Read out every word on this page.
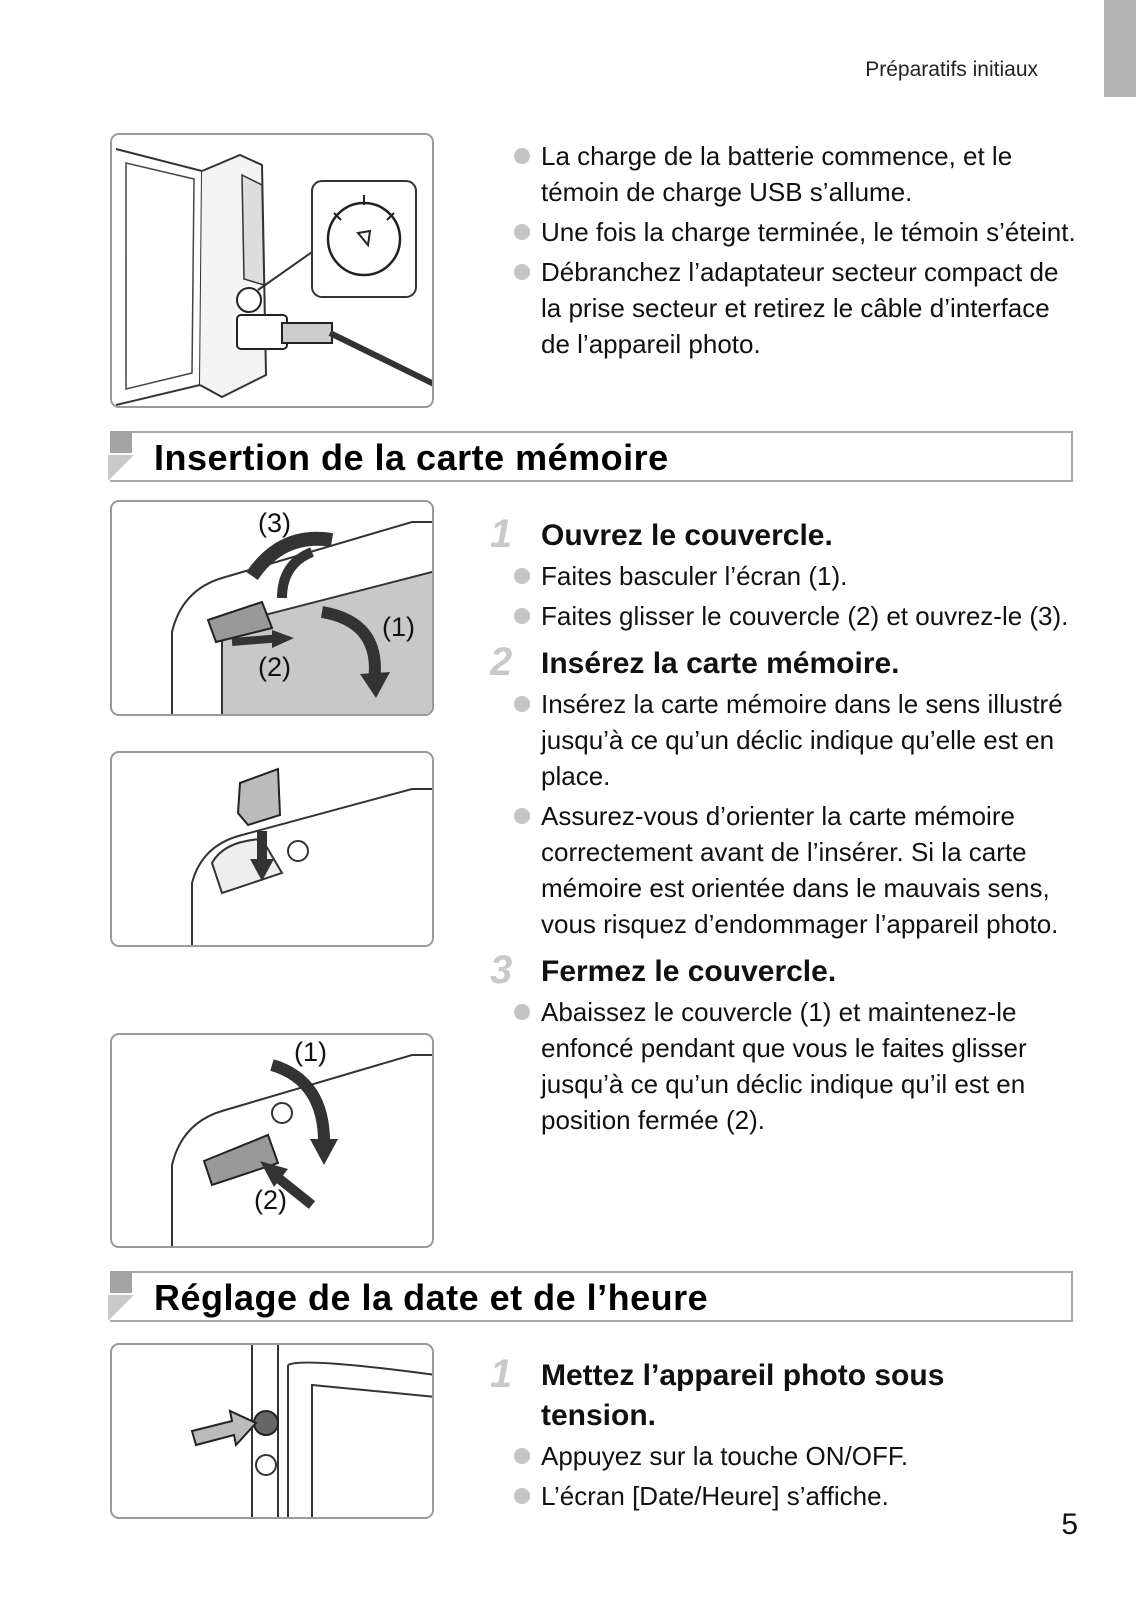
Préparatifs initiaux
La charge de la batterie commence, et le témoin de charge USB s’allume.
Une fois la charge terminée, le témoin s’éteint.
Débranchez l’adaptateur secteur compact de la prise secteur et retirez le câble d’interface de l’appareil photo.
Insertion de la carte mémoire
(3)
(1)
(2)
(1)
(2)
1 Ouvrez le couvercle.
Faites basculer l’écran (1).
Faites glisser le couvercle (2) et ouvrez-le (3).
2 Insérez la carte mémoire.
Insérez la carte mémoire dans le sens illustré jusqu’à ce qu’un déclic indique qu’elle est en place.
Assurez-vous d’orienter la carte mémoire correctement avant de l’insérer. Si la carte mémoire est orientée dans le mauvais sens, vous risquez d’endommager l’appareil photo.
3 Fermez le couvercle.
Abaissez le couvercle (1) et maintenez-le enfoncé pendant que vous le faites glisser jusqu’à ce qu’un déclic indique qu’il est en position fermée (2).
Réglage de la date et de l’heure
1 Mettez l’appareil photo sous tension.
Appuyez sur la touche ON/OFF.
L’écran [Date/Heure] s’affiche.
5
